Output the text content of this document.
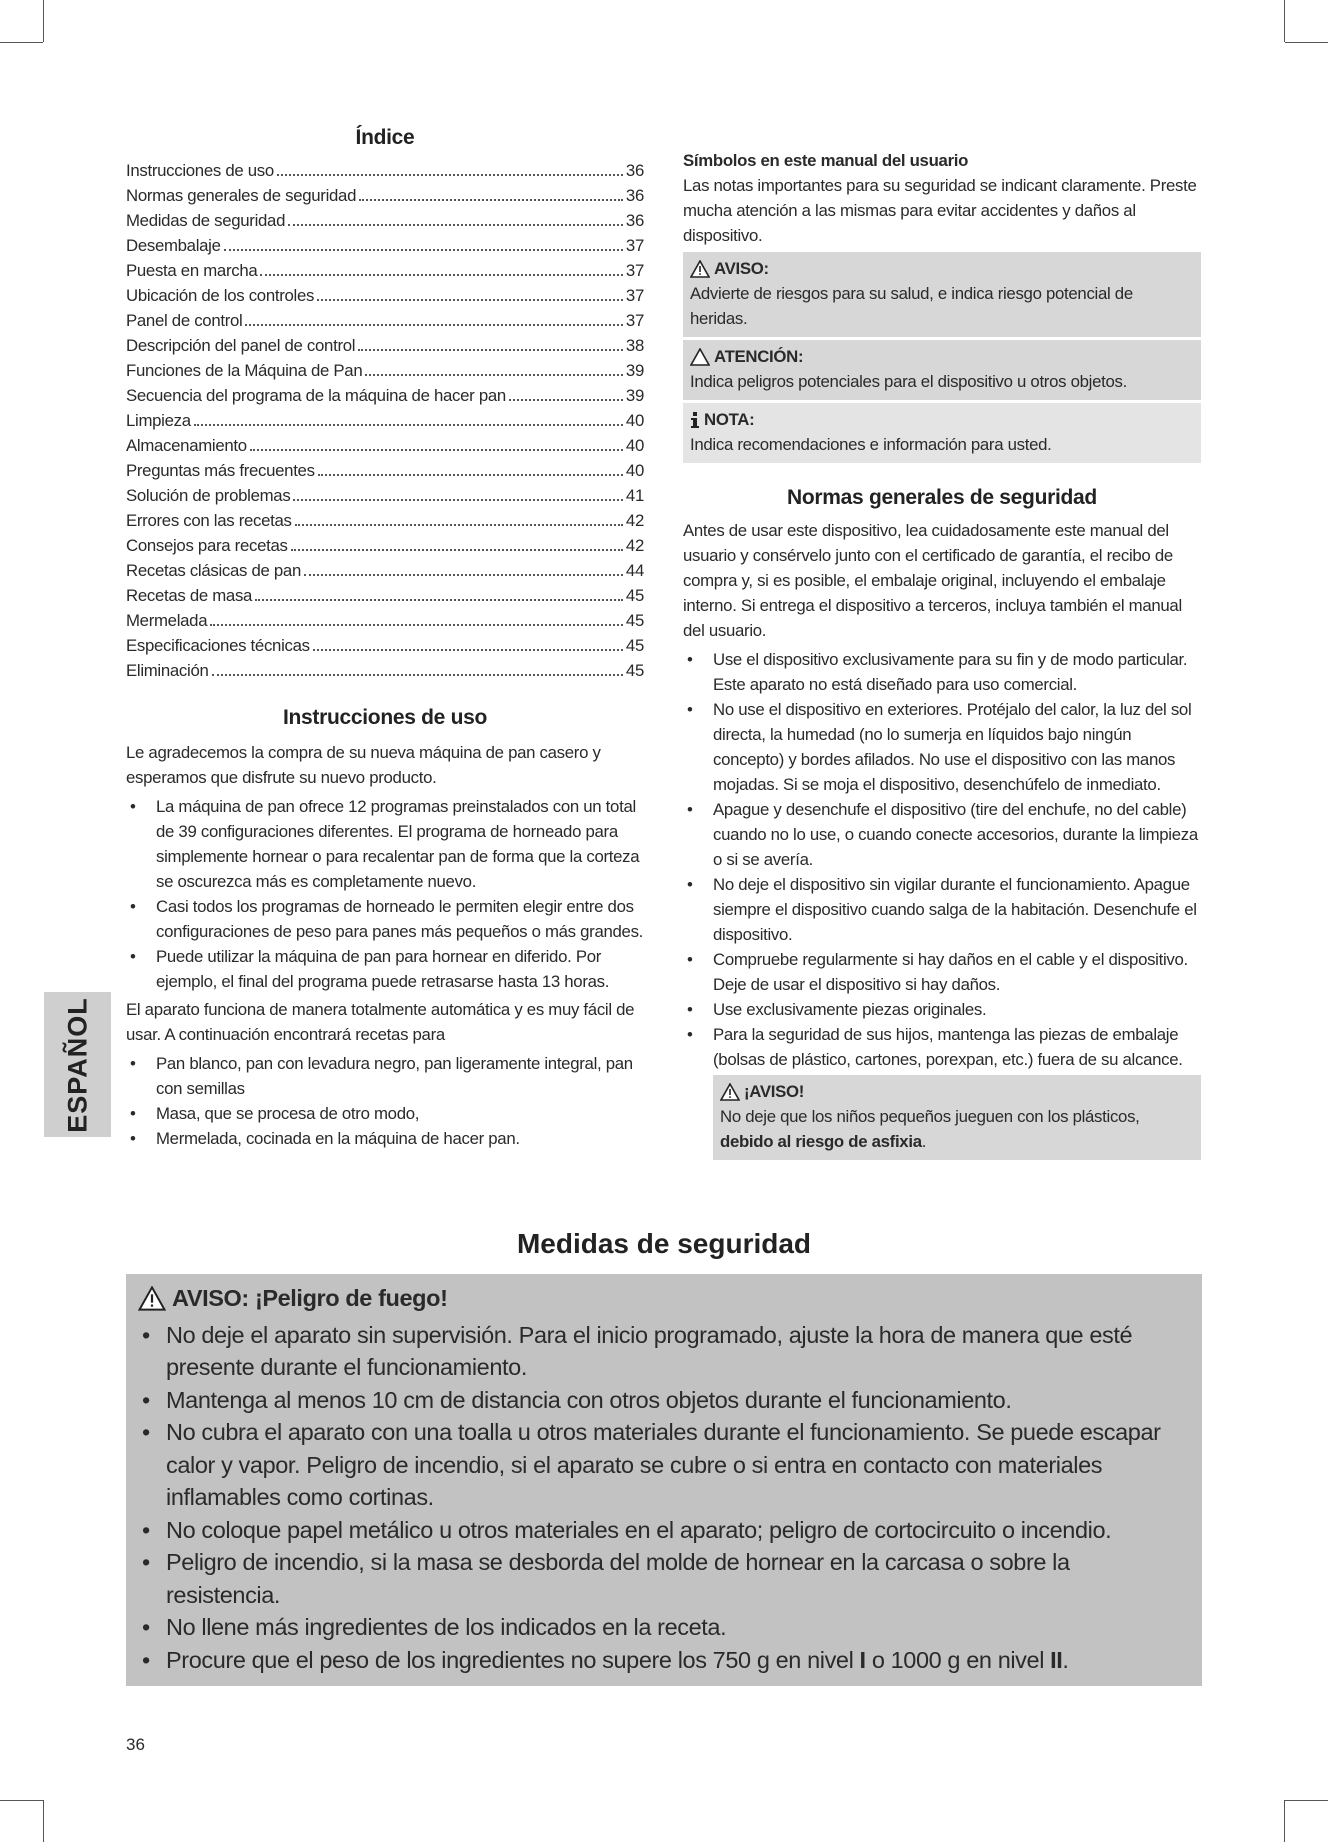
ESPAÑOL
Índice
Instrucciones de uso	36
Normas generales de seguridad	36
Medidas de seguridad	36
Desembalaje	37
Puesta en marcha	37
Ubicación de los controles	37
Panel de control	37
Descripción del panel de control	38
Funciones de la Máquina de Pan	39
Secuencia del programa de la máquina de hacer pan	39
Limpieza	40
Almacenamiento	40
Preguntas más frecuentes	40
Solución de problemas	41
Errores con las recetas	42
Consejos para recetas	42
Recetas clásicas de pan	44
Recetas de masa	45
Mermelada	45
Especificaciones técnicas	45
Eliminación	45
Instrucciones de uso

Le agradecemos la compra de su nueva máquina de pan casero y esperamos que disfrute su nuevo producto.

• La máquina de pan ofrece 12 programas preinstalados con un total de 39 configuraciones diferentes. El programa de horneado para simplemente hornear o para recalentar pan de forma que la corteza se oscurezca más es completamente nuevo.
• Casi todos los programas de horneado le permiten elegir entre dos configuraciones de peso para panes más pequeños o más grandes.
• Puede utilizar la máquina de pan para hornear en diferido. Por ejemplo, el final del programa puede retrasarse hasta 13 horas.

El aparato funciona de manera totalmente automática y es muy fácil de usar. A continuación encontrará recetas para

• Pan blanco, pan con levadura negro, pan ligeramente integral, pan con semillas
• Masa, que se procesa de otro modo,
• Mermelada, cocinada en la máquina de hacer pan.

Símbolos en este manual del usuario

Las notas importantes para su seguridad se indicant claramente. Preste mucha atención a las mismas para evitar accidentes y daños al dispositivo.

AVISO:

Advierte de riesgos para su salud, e indica riesgo potencial de heridas.

ATENCIÓN:

Indica peligros potenciales para el dispositivo u otros objetos.

NOTA:

Indica recomendaciones e información para usted.

Normas generales de seguridad

Antes de usar este dispositivo, lea cuidadosamente este manual del usuario y consérvelo junto con el certificado de garantía, el recibo de compra y, si es posible, el embalaje original, incluyendo el embalaje interno. Si entrega el dispositivo a terceros, incluya también el manual del usuario.

• Use el dispositivo exclusivamente para su fin y de modo particular. Este aparato no está diseñado para uso comercial.
• No use el dispositivo en exteriores. Protéjalo del calor, la luz del sol directa, la humedad (no lo sumerja en líquidos bajo ningún concepto) y bordes afilados. No use el dispositivo con las manos mojadas. Si se moja el dispositivo, desenchúfelo de inmediato.
• Apague y desenchufe el dispositivo (tire del enchufe, no del cable) cuando no lo use, o cuando conecte accesorios, durante la limpieza o si se avería.
• No deje el dispositivo sin vigilar durante el funcionamiento. Apague siempre el dispositivo cuando salga de la habitación. Desenchufe el dispositivo.
• Compruebe regularmente si hay daños en el cable y el dispositivo. Deje de usar el dispositivo si hay daños.
• Use exclusivamente piezas originales.
• Para la seguridad de sus hijos, mantenga las piezas de embalaje (bolsas de plástico, cartones, porexpan, etc.) fuera de su alcance.
¡AVISO!

No deje que los niños pequeños jueguen con los plásticos,
debido al riesgo de asfixia.

Medidas de seguridad
AVISO: ¡Peligro de fuego!
• No deje el aparato sin supervisión. Para el inicio programado, ajuste la hora de manera que esté presente durante el funcionamiento.
• Mantenga al menos 10 cm de distancia con otros objetos durante el funcionamiento.
• No cubra el aparato con una toalla u otros materiales durante el funcionamiento. Se puede escapar calor y vapor. Peligro de incendio, si el aparato se cubre o si entra en contacto con materiales inflamables como cortinas.
• No coloque papel metálico u otros materiales en el aparato; peligro de cortocircuito o incendio.
• Peligro de incendio, si la masa se desborda del molde de hornear en la carcasa o sobre la resistencia.
• No llene más ingredientes de los indicados en la receta.
• Procure que el peso de los ingredientes no supere los 750 g en nivel I o 1000 g en nivel II.
36
